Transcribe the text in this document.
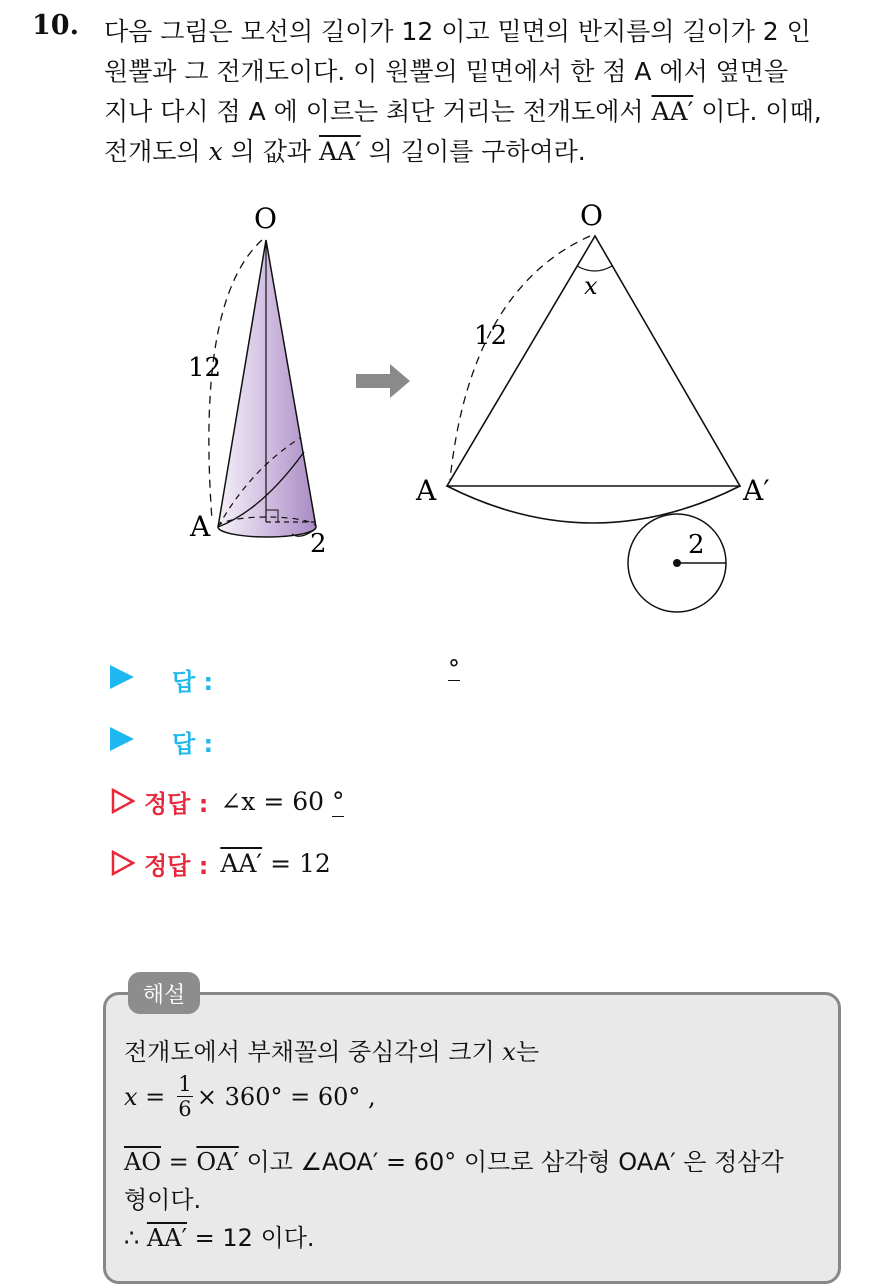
10. 다음 그림은 모선의 길이가 12 이고 밑면의 반지름의 길이가 2 인
원뿔과 그 전개도이다. 이 원뿔의 밑면에서 한 점 A 에서 옆면을
지나 다시 점 A 에 이르는 최단 거리는 전개도에서 AA′ 이다. 이때,
전개도의 x 의 값과 AA′ 의 길이를 구하여라.
O
12
A
2
O
x
12
A	A′
2
답 :	°
답 :
정답 : ∠x = 60 °
정답 : AA′ = 12
해설
전개도에서 부채꼴의 중심각의 크기 x는
$x = \frac{1}{6} \times 360^\circ = 60^\circ$ ,
$\overline{AO} = OA'$ 이고 ∠AOA′ = 60° 이므로 삼각형 OAA′ 은 정삼각
형이다.
∴ AA′ = 12 이다.
